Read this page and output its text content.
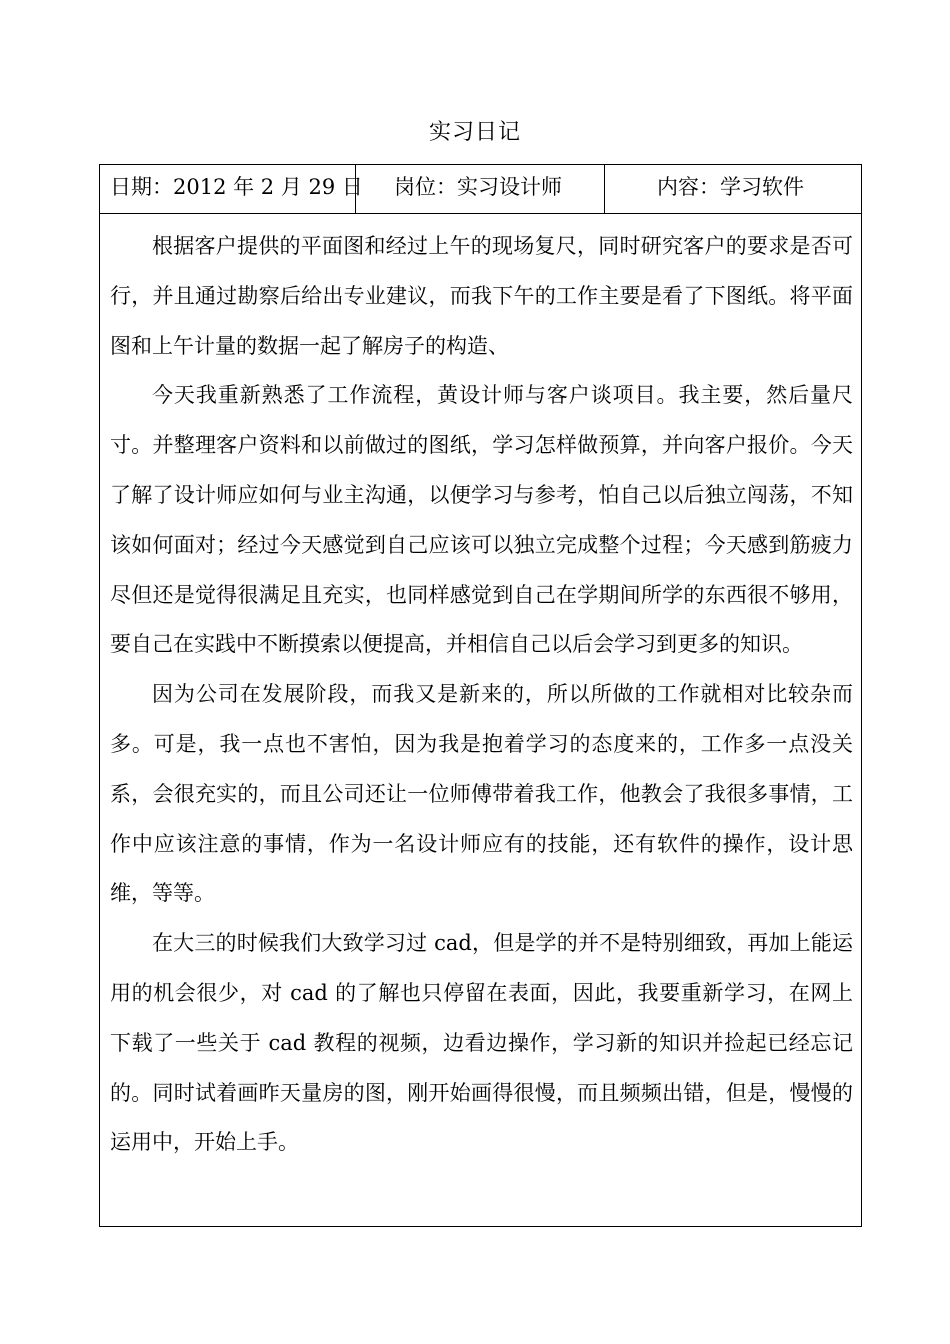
实习日记
日期：2012 年 2 月 29 日	岗位：实习设计师	内容：学习软件

根据客户提供的平面图和经过上午的现场复尺，同时研究客户的要求是否可行，并且通过勘察后给出专业建议，而我下午的工作主要是看了下图纸。将平面图和上午计量的数据一起了解房子的构造、

今天我重新熟悉了工作流程，黄设计师与客户谈项目。我主要，然后量尺寸。并整理客户资料和以前做过的图纸，学习怎样做预算，并向客户报价。今天了解了设计师应如何与业主沟通，以便学习与参考，怕自己以后独立闯荡，不知该如何面对；经过今天感觉到自己应该可以独立完成整个过程；今天感到筋疲力尽但还是觉得很满足且充实，也同样感觉到自己在学期间所学的东西很不够用，要自己在实践中不断摸索以便提高，并相信自己以后会学习到更多的知识。

因为公司在发展阶段，而我又是新来的，所以所做的工作就相对比较杂而多。可是，我一点也不害怕，因为我是抱着学习的态度来的，工作多一点没关系，会很充实的，而且公司还让一位师傅带着我工作，他教会了我很多事情，工作中应该注意的事情，作为一名设计师应有的技能，还有软件的操作，设计思维，等等。

在大三的时候我们大致学习过 cad，但是学的并不是特别细致，再加上能运用的机会很少，对 cad 的了解也只停留在表面，因此，我要重新学习，在网上下载了一些关于 cad 教程的视频，边看边操作，学习新的知识并捡起已经忘记的。同时试着画昨天量房的图，刚开始画得很慢，而且频频出错，但是，慢慢的运用中，开始上手。
